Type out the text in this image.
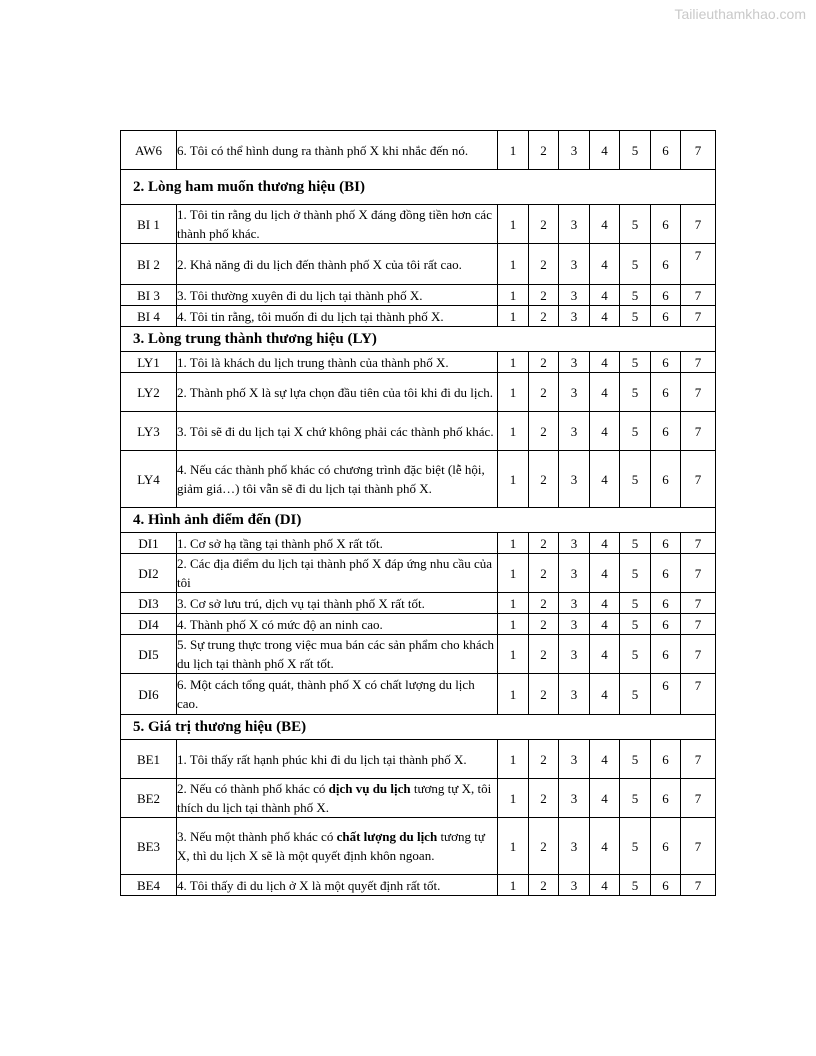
Tailieuthamkhao.com
AW6	6. Tôi có thể hình dung ra thành phố X khi nhắc đến nó.	1	2	3	4	5	6	7
2. Lòng ham muốn thương hiệu (BI)								
BI 1	1. Tôi tin rằng du lịch ở thành phố X đáng đồng tiền hơn các thành phố khác.	1	2	3	4	5	6	7
BI 2	2. Khả năng đi du lịch đến thành phố X của tôi rất cao.	1	2	3	4	5	6	7
BI 3	3. Tôi thường xuyên đi du lịch tại thành phố X.	1	2	3	4	5	6	7
BI 4	4. Tôi tin rằng, tôi muốn đi du lịch tại thành phố X.	1	2	3	4	5	6	7
3. Lòng trung thành thương hiệu (LY)								
LY1	1. Tôi là khách du lịch trung thành của thành phố X.	1	2	3	4	5	6	7
LY2	2. Thành phố X là sự lựa chọn đầu tiên của tôi khi đi du lịch.	1	2	3	4	5	6	7
LY3	3. Tôi sẽ đi du lịch tại X chứ không phải các thành phố khác.	1	2	3	4	5	6	7
LY4	4. Nếu các thành phố khác có chương trình đặc biệt (lễ hội, giảm giá…) tôi vẫn sẽ đi du lịch tại thành phố X.	1	2	3	4	5	6	7
4. Hình ảnh điểm đến (DI)								
DI1	1. Cơ sở hạ tầng tại thành phố X rất tốt.	1	2	3	4	5	6	7
DI2	2. Các địa điểm du lịch tại thành phố X đáp ứng nhu cầu của tôi	1	2	3	4	5	6	7
DI3	3. Cơ sở lưu trú, dịch vụ tại thành phố X rất tốt.	1	2	3	4	5	6	7
DI4	4. Thành phố X có mức độ an ninh cao.	1	2	3	4	5	6	7
DI5	5. Sự trung thực trong việc mua bán các sản phẩm cho khách du lịch tại thành phố X rất tốt.	1	2	3	4	5	6	7
DI6	6. Một cách tổng quát, thành phố X có chất lượng du lịch cao.	1	2	3	4	5	6	7
5. Giá trị thương hiệu (BE)								
BE1	1. Tôi thấy rất hạnh phúc khi đi du lịch tại thành phố X.	1	2	3	4	5	6	7
BE2	2. Nếu có thành phố khác có dịch vụ du lịch tương tự X, tôi thích du lịch tại thành phố X.	1	2	3	4	5	6	7
BE3	3. Nếu một thành phố khác có chất lượng du lịch tương tự X, thì du lịch X sẽ là một quyết định khôn ngoan.	1	2	3	4	5	6	7
BE4	4. Tôi thấy đi du lịch ở X là một quyết định rất tốt.	1	2	3	4	5	6	7
